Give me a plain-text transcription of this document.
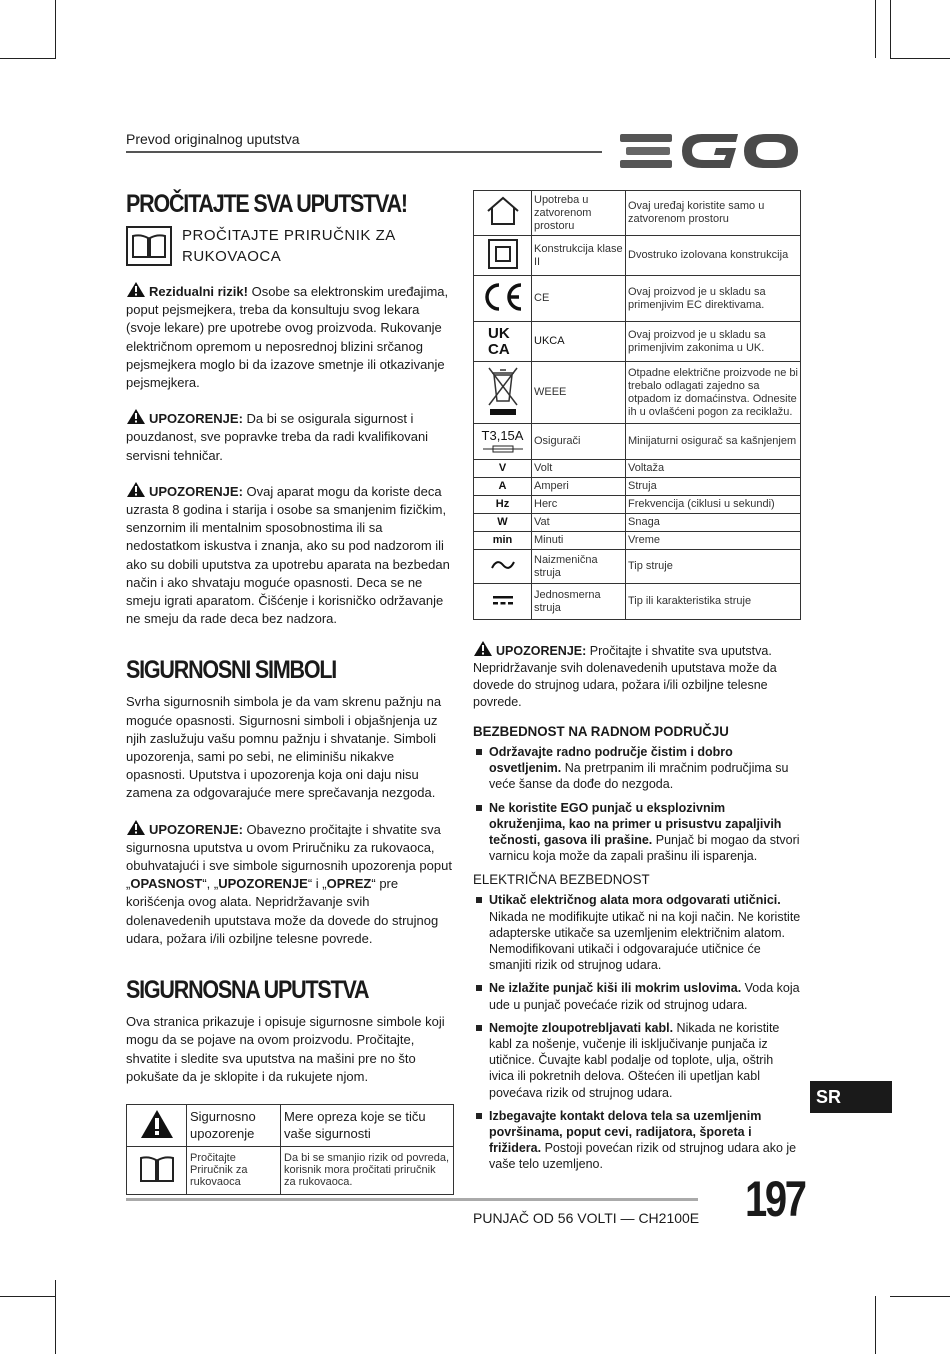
Prevod originalnog uputstva
PROČITAJTE SVA UPUTSTVA!
PROČITAJTE PRIRUČNIK ZA RUKOVAOCA

Rezidualni rizik! Osobe sa elektronskim uređajima, poput pejsmejkera, treba da konsultuju svog lekara (svoje lekare) pre upotrebe ovog proizvoda. Rukovanje električnom opremom u neposrednoj blizini srčanog pejsmejkera moglo bi da izazove smetnje ili otkazivanje pejsmejkera.

UPOZORENJE: Da bi se osigurala sigurnost i pouzdanost, sve popravke treba da radi kvalifikovani servisni tehničar.

UPOZORENJE: Ovaj aparat mogu da koriste deca uzrasta 8 godina i starija i osobe sa smanjenim fizičkim, senzornim ili mentalnim sposobnostima ili sa nedostatkom iskustva i znanja, ako su pod nadzorom ili ako su dobili uputstva za upotrebu aparata na bezbedan način i ako shvataju moguće opasnosti. Deca se ne smeju igrati aparatom. Čišćenje i korisničko održavanje ne smeju da rade deca bez nadzora.

SIGURNOSNI SIMBOLI

Svrha sigurnosnih simbola je da vam skrenu pažnju na moguće opasnosti. Sigurnosni simboli i objašnjenja uz njih zaslužuju vašu pomnu pažnju i shvatanje. Simboli upozorenja, sami po sebi, ne eliminišu nikakve opasnosti. Uputstva i upozorenja koja oni daju nisu zamena za odgovarajuće mere sprečavanja nezgoda.

UPOZORENJE: Obavezno pročitajte i shvatite sva sigurnosna uputstva u ovom Priručniku za rukovaoca, obuhvatajući i sve simbole sigurnosnih upozorenja poput „OPASNOST“, „UPOZORENJE“ i „OPREZ“ pre korišćenja ovog alata. Nepridržavanje svih dolenavedenih uputstava može da dovede do strujnog udara, požara i/ili ozbiljne telesne povrede.

SIGURNOSNA UPUTSTVA

Ova stranica prikazuje i opisuje sigurnosne simbole koji mogu da se pojave na ovom proizvodu. Pročitajte, shvatite i sledite sva uputstva na mašini pre no što pokušate da je sklopite i da rukujete njom.

	Sigurnosno upozorenje	Mere opreza koje se tiču vaše sigurnosti
	Pročitajte Priručnik za rukovaoca	Da bi se smanjio rizik od povreda, korisnik mora pročitati priručnik za rukovaoca.
	Upotreba u zatvorenom prostoru	Ovaj uređaj koristite samo u zatvorenom prostoru
	Konstrukcija klase II	Dvostruko izolovana konstrukcija
	CE	Ovaj proizvod je u skladu sa primenjivim EC direktivama.

UK
CA	UKCA	Ovaj proizvod je u skladu sa primenjivim zakonima u UK.
	WEEE	Otpadne električne proizvode ne bi trebalo odlagati zajedno sa otpadom iz domaćinstva. Odnesite ih u ovlašćeni pogon za reciklažu.

T3,15A	Osigurači	Minijaturni osigurač sa kašnjenjem
V	Volt	Voltaža
A	Amperi	Struja
Hz	Herc	Frekvencija (ciklusi u sekundi)
W	Vat	Snaga
min	Minuti	Vreme
	Naizmenična struja	Tip struje
	Jednosmerna struja	Tip ili karakteristika struje

UPOZORENJE: Pročitajte i shvatite sva uputstva. Nepridržavanje svih dolenavedenih uputstava može da dovede do strujnog udara, požara i/ili ozbiljne telesne povrede.

BEZBEDNOST NA RADNOM PODRUČJU
Održavajte radno područje čistim i dobro osvetljenim. Na pretrpanim ili mračnim područjima su veće šanse da dođe do nezgoda.
Ne koristite EGO punjač u eksplozivnim okruženjima, kao na primer u prisustvu zapaljivih tečnosti, gasova ili prašine. Punjač bi mogao da stvori varnicu koja može da zapali prašinu ili isparenja.
ELEKTRIČNA BEZBEDNOST
Utikač električnog alata mora odgovarati utičnici. Nikada ne modifikujte utikač ni na koji način. Ne koristite adapterske utikače sa uzemljenim električnim alatom. Nemodifikovani utikači i odgovarajuće utičnice će smanjiti rizik od strujnog udara.
Ne izlažite punjač kiši ili mokrim uslovima. Voda koja ude u punjač povećaće rizik od strujnog udara.
Nemojte zloupotrebljavati kabl. Nikada ne koristite kabl za nošenje, vučenje ili isključivanje punjača iz utičnice. Čuvajte kabl podalje od toplote, ulja, oštrih ivica ili pokretnih delova. Oštećen ili upetljan kabl povećava rizik od strujnog udara.
Izbegavajte kontakt delova tela sa uzemljenim površinama, poput cevi, radijatora, šporeta i frižidera. Postoji povećan rizik od strujnog udara ako je vaše telo uzemljeno.
SR
PUNJAČ OD 56 VOLTI — CH2100E 197
